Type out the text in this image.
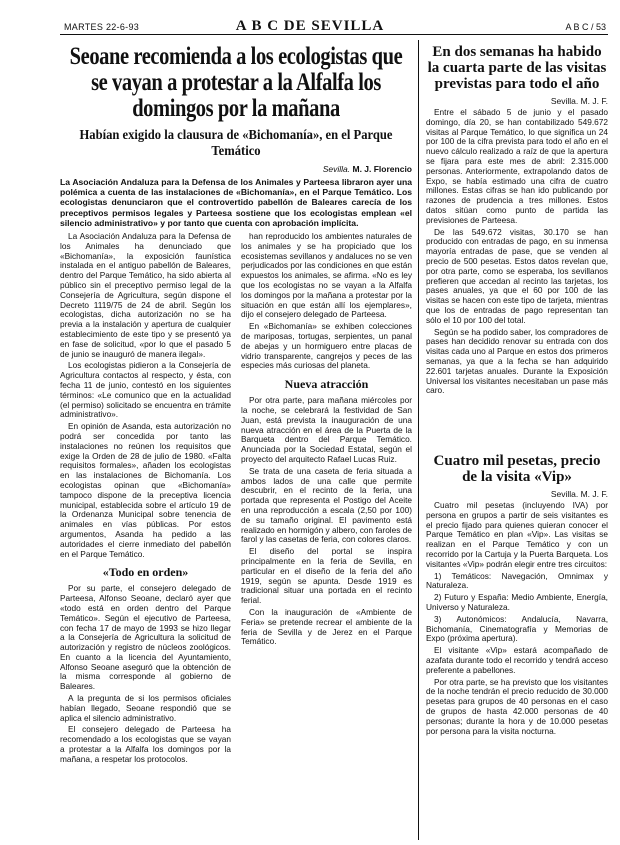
MARTES 22-6-93	A B C DE SEVILLA	A B C / 53
Seoane recomienda a los ecologistas que se vayan a protestar a la Alfalfa los domingos por la mañana
Habían exigido la clausura de «Bichomanía», en el Parque Temático
Sevilla. M. J. Florencio
La Asociación Andaluza para la Defensa de los Animales y Parteesa libraron ayer una polémica a cuenta de las instalaciones de «Bichomanía», en el Parque Temático. Los ecologistas denunciaron que el controvertido pabellón de Baleares carecía de los preceptivos permisos legales y Parteesa sostiene que los ecologistas emplean «el silencio administrativo» y por tanto que cuenta con aprobación implícita.

La Asociación Andaluza para la Defensa de los Animales ha denunciado que «Bichomanía», la exposición faunística instalada en el antiguo pabellón de Baleares, dentro del Parque Temático, ha sido abierta al público sin el preceptivo permiso legal de la Consejería de Agricultura, según dispone el Decreto 1119/75 de 24 de abril. Según los ecologistas, dicha autorización no se ha previa a la instalación y apertura de cualquier establecimiento de este tipo y se presentó ya en fase de solicitud, «por lo que el pasado 5 de junio se inauguró de manera ilegal».

Los ecologistas pidieron a la Consejería de Agricultura contactos al respecto, y ésta, con fecha 11 de junio, contestó en los siguientes términos: «Le comunico que en la actualidad (el permiso) solicitado se encuentra en trámite administrativo».

En opinión de Asanda, esta autorización no podrá ser concedida por tanto las instalaciones no reúnen los requisitos que exige la Orden de 28 de julio de 1980. «Falta requisitos formales», añaden los ecologistas en las instalaciones de Bichomanía. Los ecologistas opinan que «Bichomanía» tampoco dispone de la preceptiva licencia municipal, establecida sobre el artículo 19 de la Ordenanza Municipal sobre tenencia de animales en vías públicas. Por estos argumentos, Asanda ha pedido a las autoridades el cierre inmediato del pabellón en el Parque Temático.

«Todo en orden»

Por su parte, el consejero delegado de Parteesa, Alfonso Seoane, declaró ayer que «todo está en orden dentro del Parque Temático». Según el ejecutivo de Parteesa, con fecha 17 de mayo de 1993 se hizo llegar a la Consejería de Agricultura la solicitud de autorización y registro de núcleos zoológicos. En cuanto a la licencia del Ayuntamiento, Alfonso Seoane aseguró que la obtención de la misma corresponde al gobierno de Baleares.

A la pregunta de si los permisos oficiales habían llegado, Seoane respondió que se aplica el silencio administrativo.

El consejero delegado de Parteesa ha recomendado a los ecologistas que se vayan a protestar a la Alfalfa los domingos por la mañana, a respetar los protocolos.

han reproducido los ambientes naturales de los animales y se ha propiciado que los ecosistemas sevillanos y andaluces no se ven perjudicados por las condiciones en que están expuestos los animales, se afirma. «No es ley que los ecologistas no se vayan a la Alfalfa los domingos por la mañana a protestar por la situación en que están allí los ejemplares», dijo el consejero delegado de Parteesa.

En «Bichomanía» se exhiben colecciones de mariposas, tortugas, serpientes, un panal de abejas y un hormiguero entre placas de vidrio transparente, cangrejos y peces de las especies más curiosas del planeta.

Nueva atracción

Por otra parte, para mañana miércoles por la noche, se celebrará la festividad de San Juan, está prevista la inauguración de una nueva atracción en el área de la Puerta de la Barqueta dentro del Parque Temático. Anunciada por la Sociedad Estatal, según el proyecto del arquitecto Rafael Lucas Ruiz.

Se trata de una caseta de feria situada a ambos lados de una calle que permite descubrir, en el recinto de la feria, una portada que representa el Postigo del Aceite en una reproducción a escala (2,50 por 100) de su tamaño original. El pavimento está realizado en hormigón y albero, con faroles de farol y las casetas de feria, con colores claros.

El diseño del portal se inspira principalmente en la feria de Sevilla, en particular en el diseño de la feria del año 1919, según se apunta. Desde 1919 es tradicional situar una portada en el recinto ferial.

Con la inauguración de «Ambiente de Feria» se pretende recrear el ambiente de la feria de Sevilla y de Jerez en el Parque Temático.

En dos semanas ha habido la cuarta parte de las visitas previstas para todo el año
Sevilla. M. J. F.

Entre el sábado 5 de junio y el pasado domingo, día 20, se han contabilizado 549.672 visitas al Parque Temático, lo que significa un 24 por 100 de la cifra prevista para todo el año en el nuevo cálculo realizado a raíz de que la apertura se fijara para este mes de abril: 2.315.000 personas. Anteriormente, extrapolando datos de Expo, se había estimado una cifra de cuatro millones. Estas cifras se han ido publicando por razones de prudencia a tres millones. Estos datos sitúan como punto de partida las previsiones de Parteesa.

De las 549.672 visitas, 30.170 se han producido con entradas de pago, en su inmensa mayoría entradas de pase, que se venden al precio de 500 pesetas. Estos datos revelan que, por otra parte, como se esperaba, los sevillanos prefieren que accedan al recinto las tarjetas, los pases anuales, ya que el 60 por 100 de las visitas se hacen con este tipo de tarjeta, mientras que los de entradas de pago representan tan sólo el 10 por 100 del total.

Según se ha podido saber, los compradores de pases han decidido renovar su entrada con dos visitas cada uno al Parque en estos dos primeros semanas, ya que a la fecha se han adquirido 22.601 tarjetas anuales. Durante la Exposición Universal los visitantes necesitaban un pase más caro.

Cuatro mil pesetas, precio de la visita «Vip»
Sevilla. M. J. F.

Cuatro mil pesetas (incluyendo IVA) por persona en grupos a partir de seis visitantes es el precio fijado para quienes quieran conocer el Parque Temático en plan «Vip». Las visitas se realizan en el Parque Temático y con un recorrido por la Cartuja y la Puerta Barqueta. Los visitantes «Vip» podrán elegir entre tres circuitos:

1) Temáticos: Navegación, Omnimax y Naturaleza.

2) Futuro y España: Medio Ambiente, Energía, Universo y Naturaleza.

3) Autonómicos: Andalucía, Navarra, Bichomanía, Cinematografía y Memorias de Expo (próxima apertura).

El visitante «Vip» estará acompañado de azafata durante todo el recorrido y tendrá acceso preferente a pabellones.

Por otra parte, se ha previsto que los visitantes de la noche tendrán el precio reducido de 30.000 pesetas para grupos de 40 personas en el caso de grupos de hasta 42.000 personas de 40 personas; durante la hora y de 10.000 pesetas por persona para la visita nocturna.
